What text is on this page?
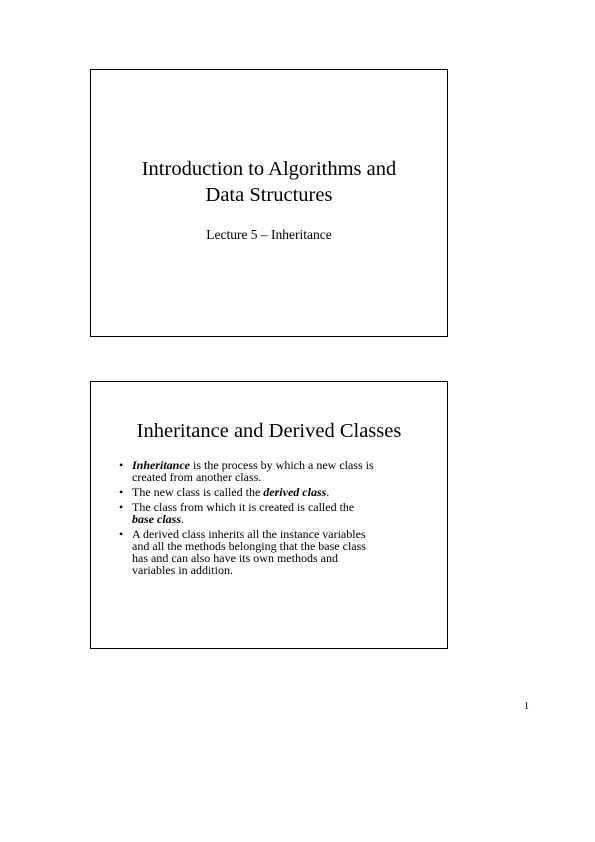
Introduction to Algorithms and
Data Structures
Lecture 5 – Inheritance
Inheritance and Derived Classes
• Inheritance is the process by which a new class is
created from another class.
• The new class is called the derived class.
• The class from which it is created is called the
base class.
• A derived class inherits all the instance variables
and all the methods belonging that the base class
has and can also have its own methods and
variables in addition.
1
